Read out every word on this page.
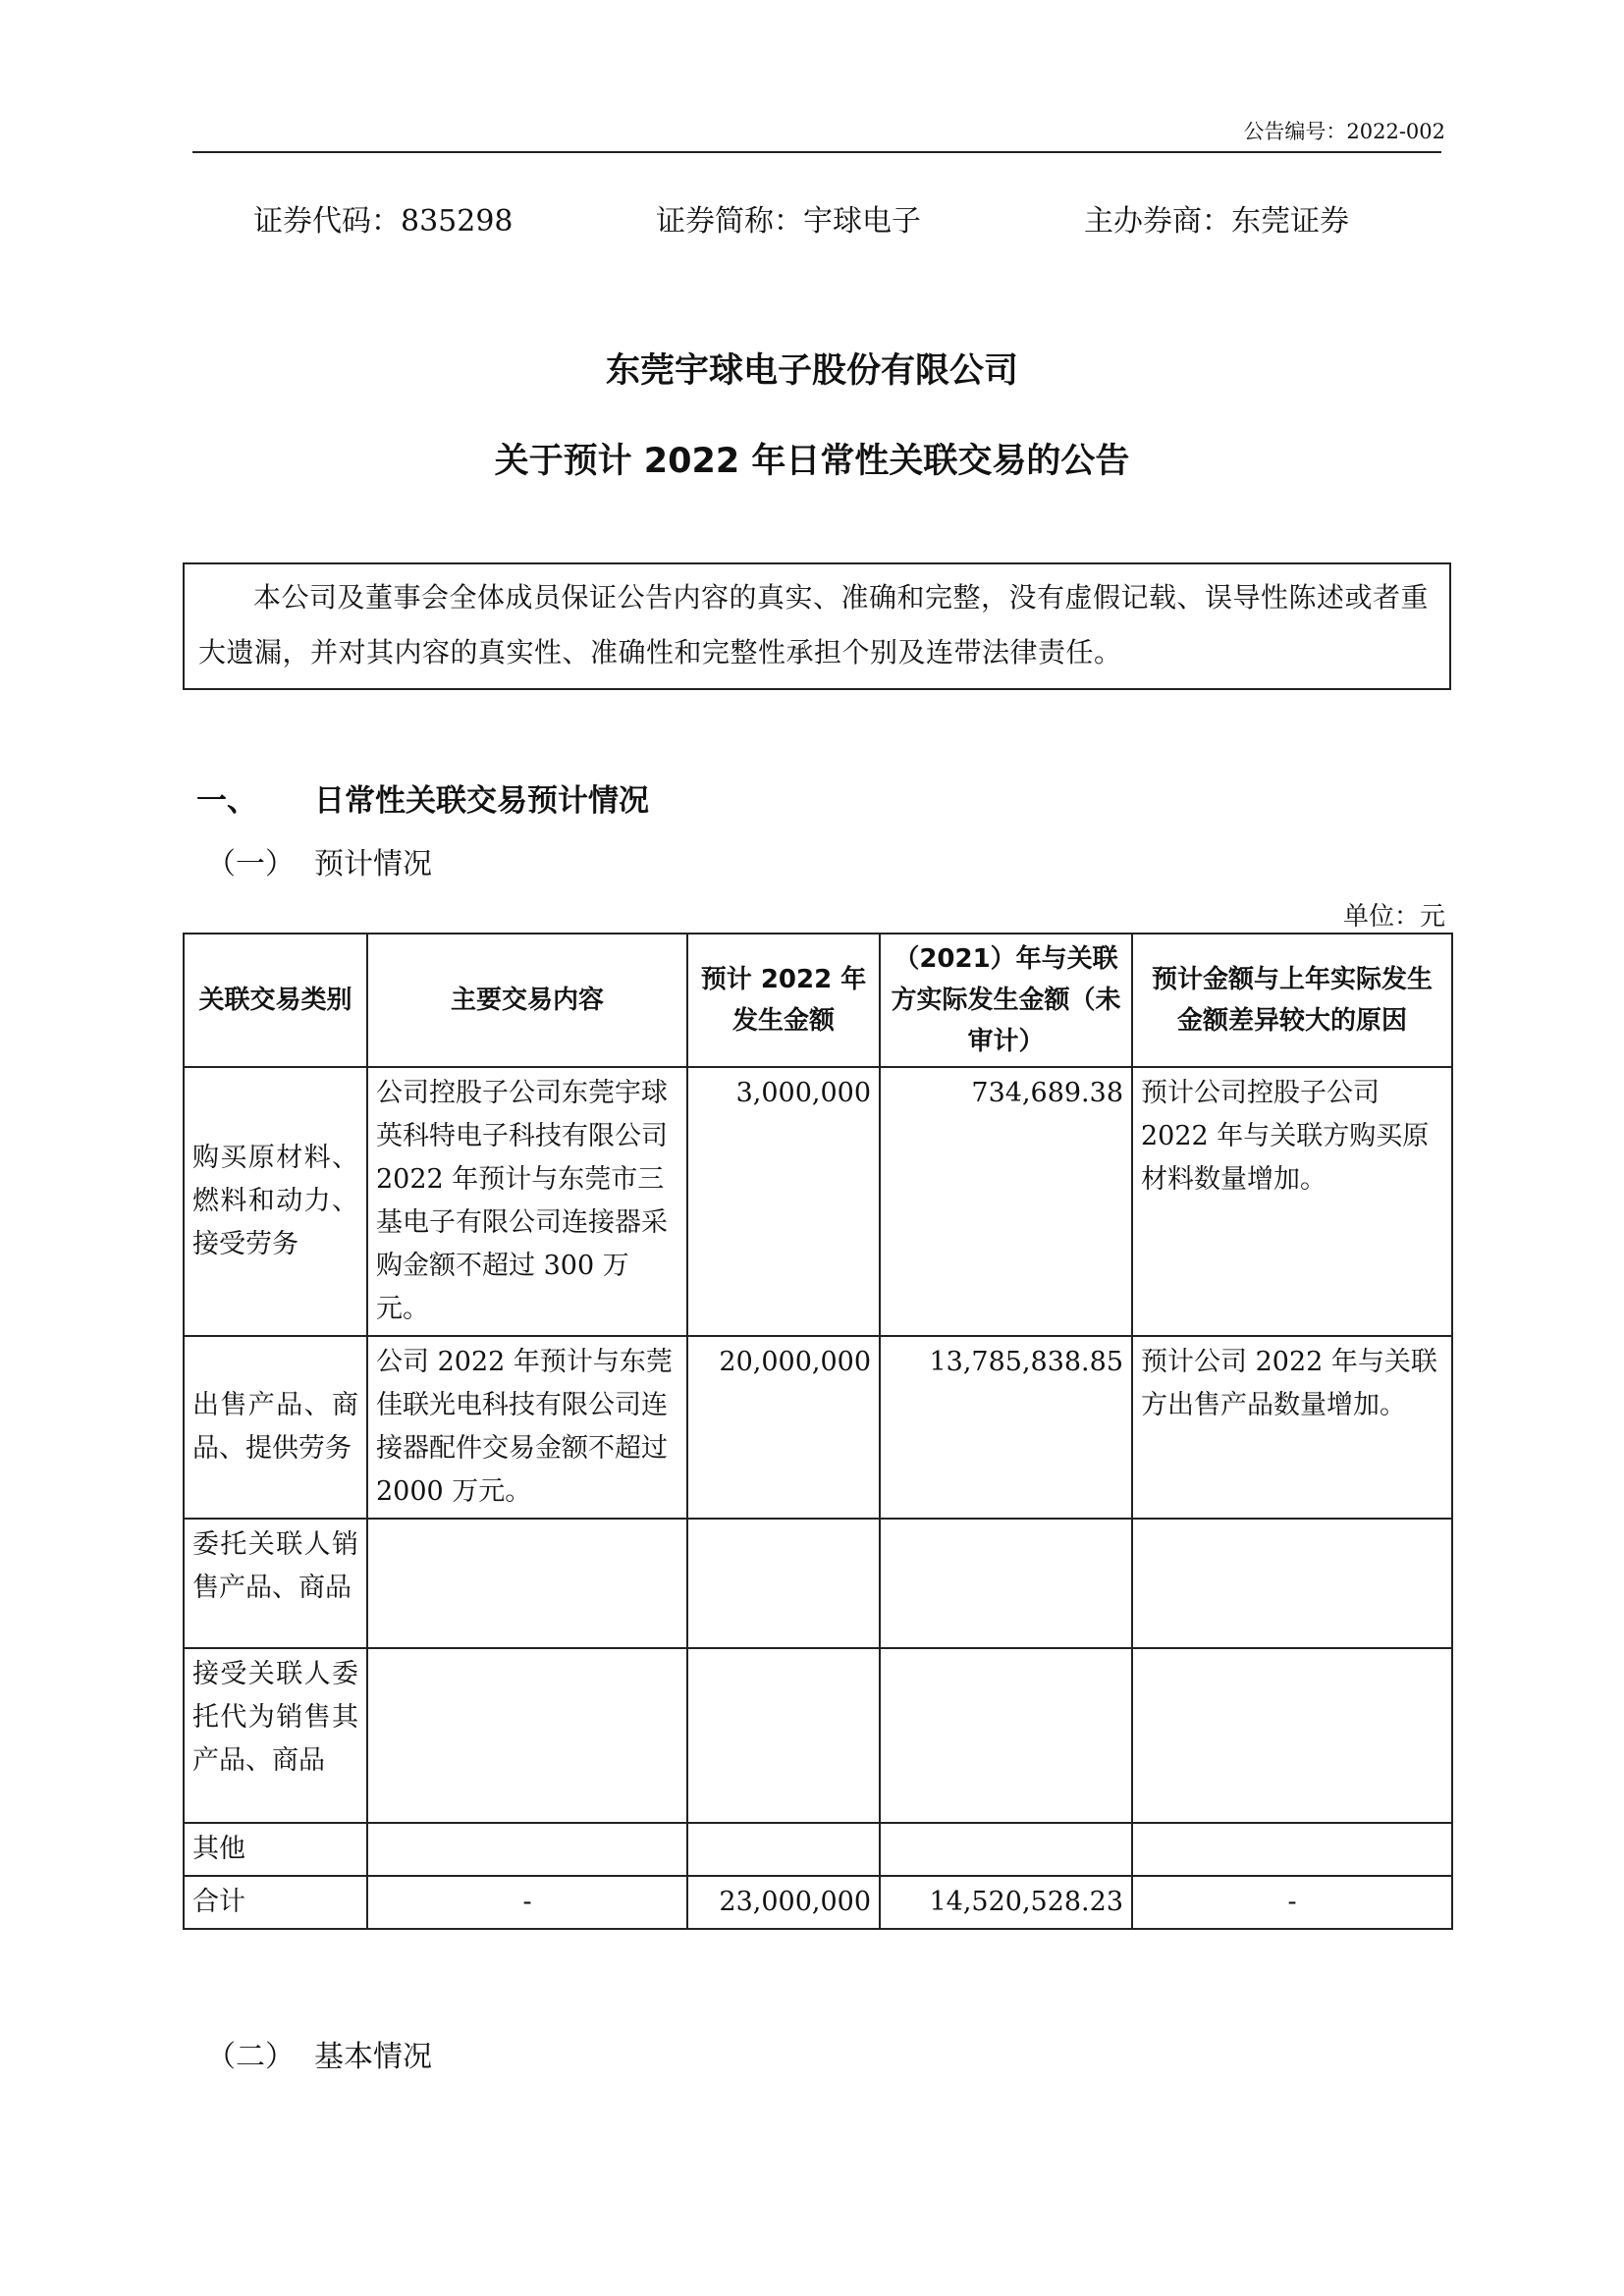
公告编号：2022-002
证券代码：835298	证券简称：宇球电子	主办券商：东莞证券
东莞宇球电子股份有限公司
关于预计 2022 年日常性关联交易的公告
本公司及董事会全体成员保证公告内容的真实、准确和完整，没有虚假记载、误导性陈述或者重大遗漏，并对其内容的真实性、准确性和完整性承担个别及连带法律责任。
一、 日常性关联交易预计情况
（一） 预计情况
单位：元
关联交易类别	主要交易内容	预计 2022 年发生金额	（2021）年与关联方实际发生金额（未审计）	预计金额与上年实际发生金额差异较大的原因
购买原材料、燃料和动力、接受劳务	公司控股子公司东莞宇球英科特电子科技有限公司 2022 年预计与东莞市三基电子有限公司连接器采购金额不超过 300 万元。	3,000,000	734,689.38	预计公司控股子公司 2022 年与关联方购买原材料数量增加。
出售产品、商品、提供劳务	公司 2022 年预计与东莞佳联光电科技有限公司连接器配件交易金额不超过 2000 万元。	20,000,000	13,785,838.85	预计公司 2022 年与关联方出售产品数量增加。
委托关联人销售产品、商品				
接受关联人委托代为销售其产品、商品				
其他				
合计	-	23,000,000	14,520,528.23	-
（二） 基本情况
